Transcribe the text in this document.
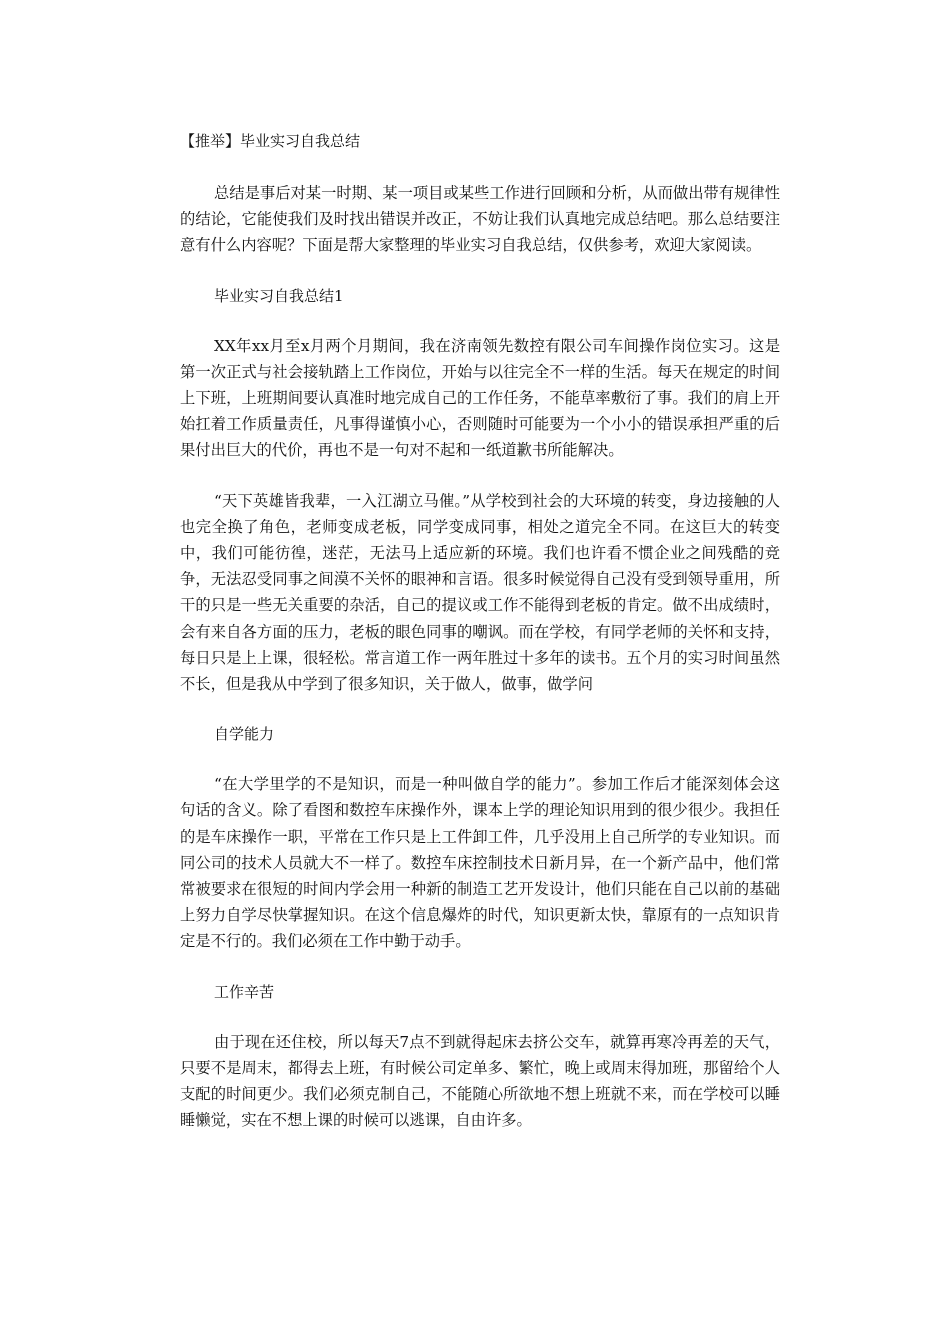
【推举】毕业实习自我总结

总结是事后对某一时期、某一项目或某些工作进行回顾和分析，从而做出带有规律性的结论，它能使我们及时找出错误并改正，不妨让我们认真地完成总结吧。那么总结要注意有什么内容呢？下面是帮大家整理的毕业实习自我总结，仅供参考，欢迎大家阅读。

毕业实习自我总结1

XX年xx月至x月两个月期间，我在济南领先数控有限公司车间操作岗位实习。这是第一次正式与社会接轨踏上工作岗位，开始与以往完全不一样的生活。每天在规定的时间上下班，上班期间要认真准时地完成自己的工作任务，不能草率敷衍了事。我们的肩上开始扛着工作质量责任，凡事得谨慎小心，否则随时可能要为一个小小的错误承担严重的后果付出巨大的代价，再也不是一句对不起和一纸道歉书所能解决。

“天下英雄皆我辈，一入江湖立马催。”从学校到社会的大环境的转变，身边接触的人也完全换了角色，老师变成老板，同学变成同事，相处之道完全不同。在这巨大的转变中，我们可能彷徨，迷茫，无法马上适应新的环境。我们也许看不惯企业之间残酷的竞争，无法忍受同事之间漠不关怀的眼神和言语。很多时候觉得自己没有受到领导重用，所干的只是一些无关重要的杂活，自己的提议或工作不能得到老板的肯定。做不出成绩时，会有来自各方面的压力，老板的眼色同事的嘲讽。而在学校，有同学老师的关怀和支持，每日只是上上课，很轻松。常言道工作一两年胜过十多年的读书。五个月的实习时间虽然不长，但是我从中学到了很多知识，关于做人，做事，做学问

自学能力

“在大学里学的不是知识，而是一种叫做自学的能力”。参加工作后才能深刻体会这句话的含义。除了看图和数控车床操作外，课本上学的理论知识用到的很少很少。我担任的是车床操作一职，平常在工作只是上工件卸工件，几乎没用上自己所学的专业知识。而同公司的技术人员就大不一样了。数控车床控制技术日新月异，在一个新产品中，他们常常被要求在很短的时间内学会用一种新的制造工艺开发设计，他们只能在自己以前的基础上努力自学尽快掌握知识。在这个信息爆炸的时代，知识更新太快，靠原有的一点知识肯定是不行的。我们必须在工作中勤于动手。

工作辛苦

由于现在还住校，所以每天7点不到就得起床去挤公交车，就算再寒冷再差的天气，只要不是周末，都得去上班，有时候公司定单多、繁忙，晚上或周末得加班，那留给个人支配的时间更少。我们必须克制自己，不能随心所欲地不想上班就不来，而在学校可以睡睡懒觉，实在不想上课的时候可以逃课，自由许多。
